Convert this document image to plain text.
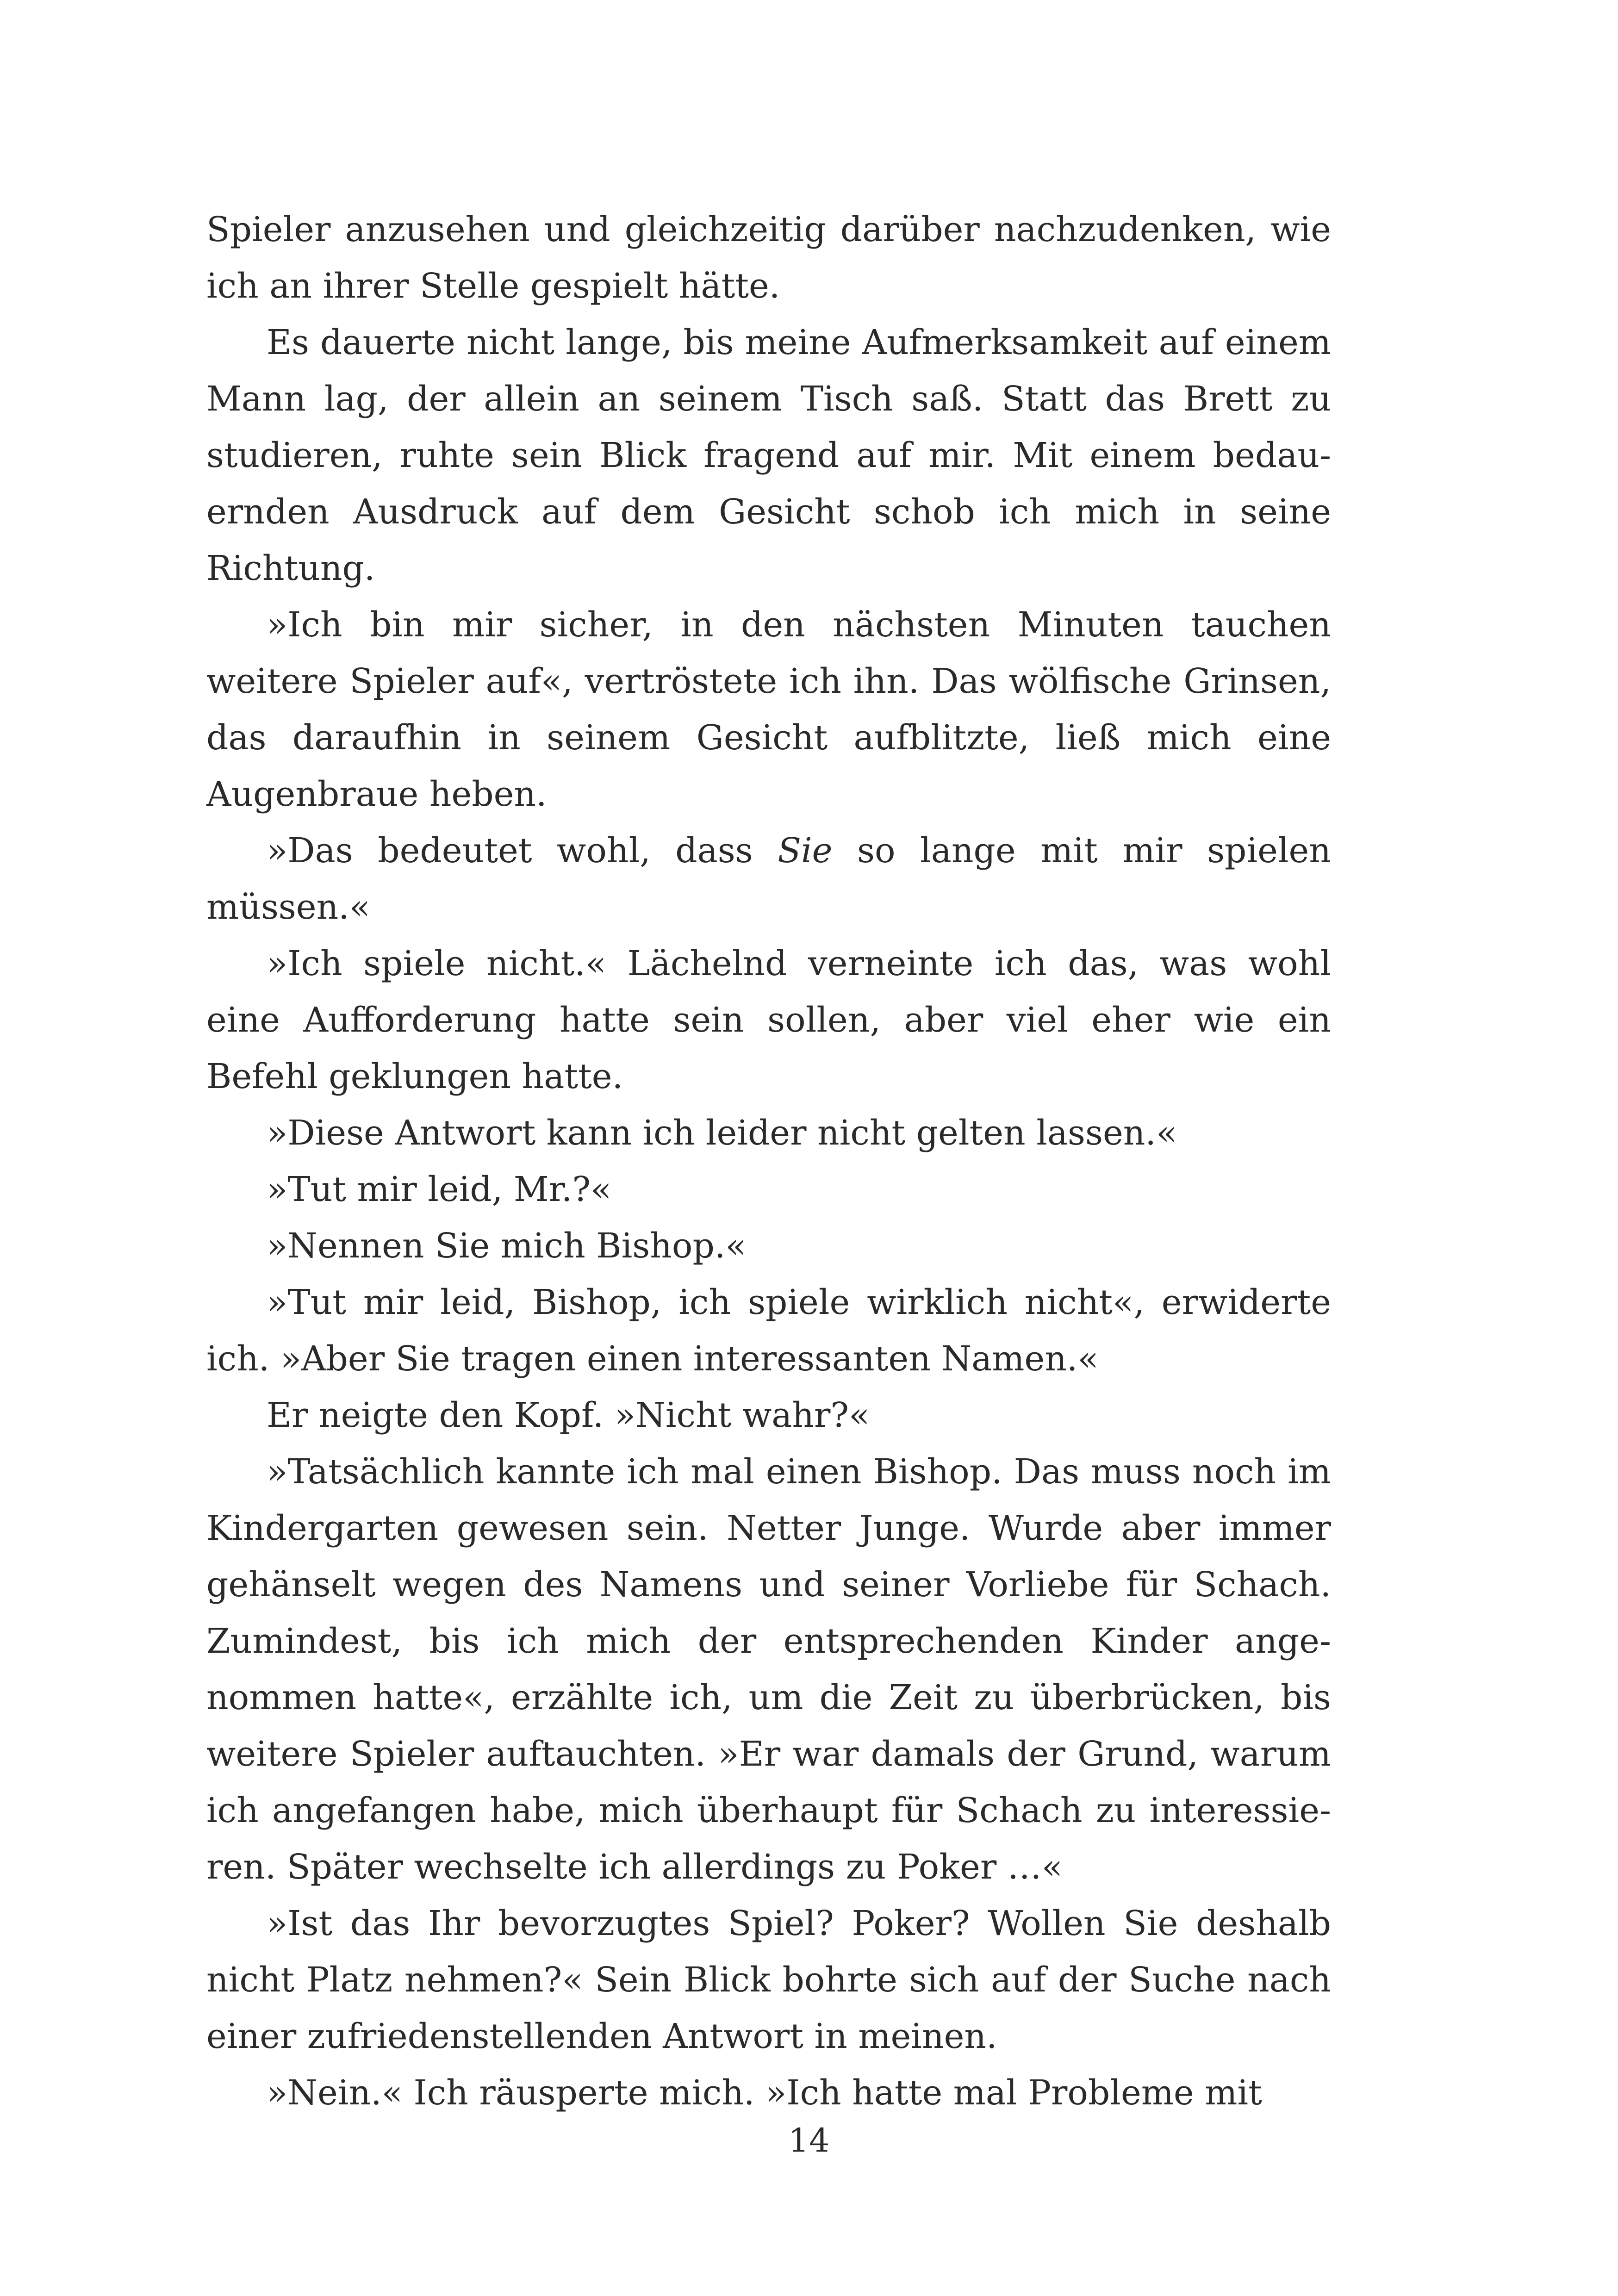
Spieler anzusehen und gleichzeitig darüber nachzudenken, wie ich an ihrer Stelle gespielt hätte.

Es dauerte nicht lange, bis meine Aufmerksamkeit auf einem Mann lag, der allein an seinem Tisch saß. Statt das Brett zu studieren, ruhte sein Blick fragend auf mir. Mit einem bedauernden Ausdruck auf dem Gesicht schob ich mich in seine Richtung.

»Ich bin mir sicher, in den nächsten Minuten tauchen weitere Spieler auf«, vertröstete ich ihn. Das wölfische Grinsen, das daraufhin in seinem Gesicht aufblitzte, ließ mich eine Augenbraue heben.

»Das bedeutet wohl, dass Sie so lange mit mir spielen müssen.«

»Ich spiele nicht.« Lächelnd verneinte ich das, was wohl eine Aufforderung hatte sein sollen, aber viel eher wie ein Befehl geklungen hatte.

»Diese Antwort kann ich leider nicht gelten lassen.«

»Tut mir leid, Mr.?«

»Nennen Sie mich Bishop.«

»Tut mir leid, Bishop, ich spiele wirklich nicht«, erwiderte ich. »Aber Sie tragen einen interessanten Namen.«

Er neigte den Kopf. »Nicht wahr?«

»Tatsächlich kannte ich mal einen Bishop. Das muss noch im Kindergarten gewesen sein. Netter Junge. Wurde aber immer gehänselt wegen des Namens und seiner Vorliebe für Schach. Zumindest, bis ich mich der entsprechenden Kinder angenommen hatte«, erzählte ich, um die Zeit zu überbrücken, bis weitere Spieler auftauchten. »Er war damals der Grund, warum ich angefangen habe, mich überhaupt für Schach zu interessieren. Später wechselte ich allerdings zu Poker …«

»Ist das Ihr bevorzugtes Spiel? Poker? Wollen Sie deshalb nicht Platz nehmen?« Sein Blick bohrte sich auf der Suche nach einer zufriedenstellenden Antwort in meinen.

»Nein.« Ich räusperte mich. »Ich hatte mal Probleme mit

14
